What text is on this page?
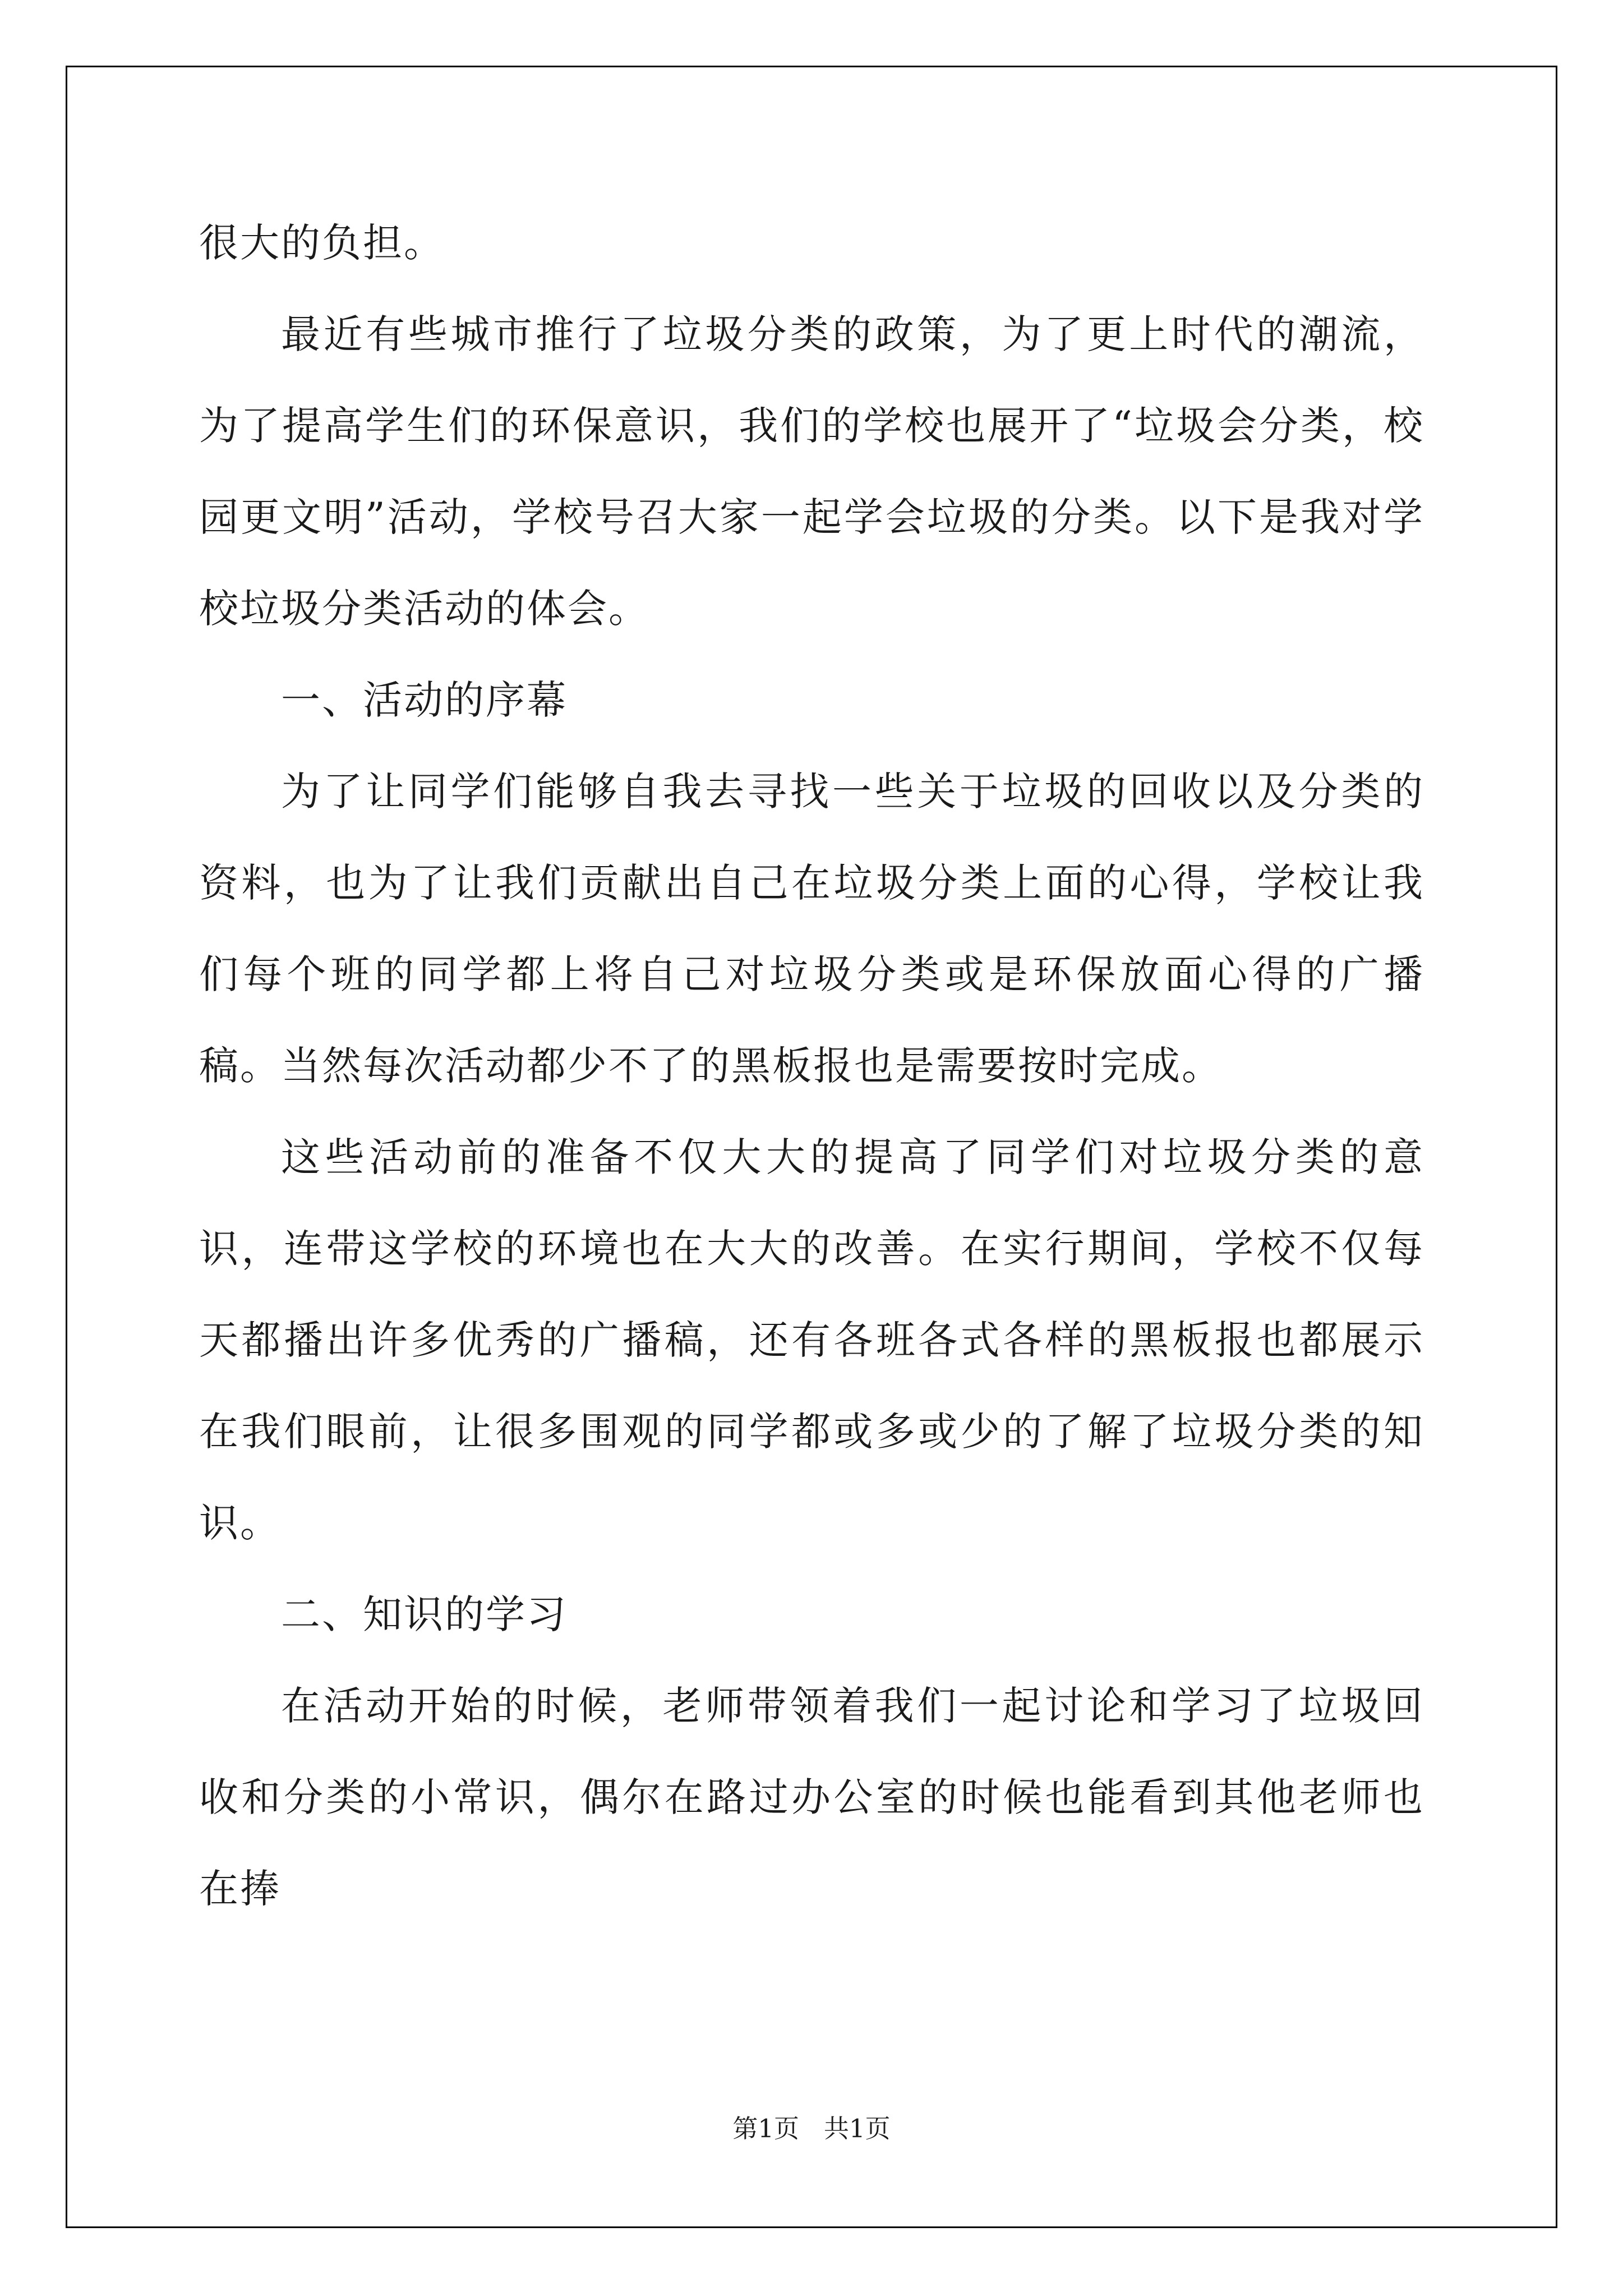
很大的负担。

最近有些城市推行了垃圾分类的政策，为了更上时代的潮流，为了提高学生们的环保意识，我们的学校也展开了“垃圾会分类，校园更文明”活动，学校号召大家一起学会垃圾的分类。以下是我对学校垃圾分类活动的体会。

一、活动的序幕

为了让同学们能够自我去寻找一些关于垃圾的回收以及分类的资料，也为了让我们贡献出自己在垃圾分类上面的心得，学校让我们每个班的同学都上将自己对垃圾分类或是环保放面心得的广播稿。当然每次活动都少不了的黑板报也是需要按时完成。

这些活动前的准备不仅大大的提高了同学们对垃圾分类的意识，连带这学校的环境也在大大的改善。在实行期间，学校不仅每天都播出许多优秀的广播稿，还有各班各式各样的黑板报也都展示在我们眼前，让很多围观的同学都或多或少的了解了垃圾分类的知识。

二、知识的学习

在活动开始的时候，老师带领着我们一起讨论和学习了垃圾回收和分类的小常识，偶尔在路过办公室的时候也能看到其他老师也在捧

第1页 共1页
